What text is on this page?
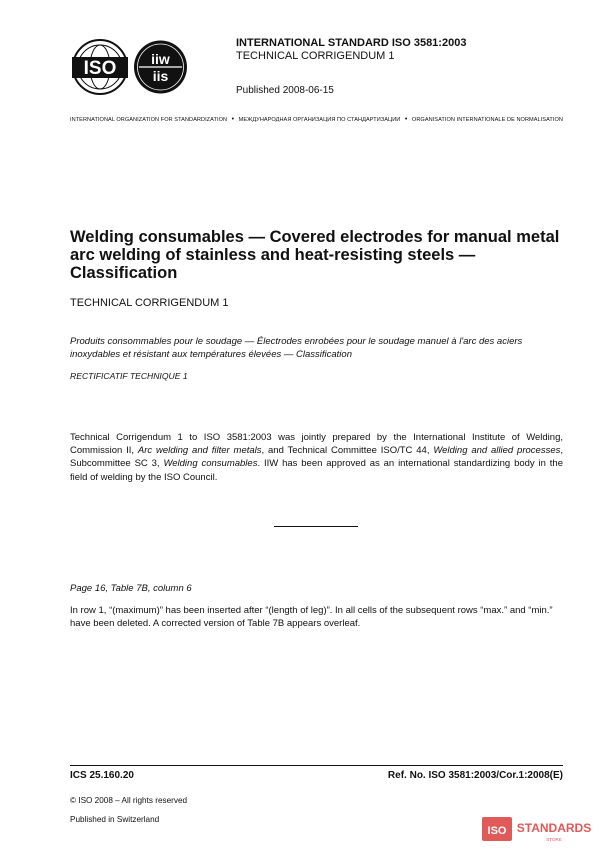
ISO iiw
iis
INTERNATIONAL STANDARD ISO 3581:2003
TECHNICAL CORRIGENDUM 1
Published 2008-06-15
INTERNATIONAL ORGANIZATION FOR STANDARDIZATION • МЕЖДУНАРОДНАЯ ОРГАНИЗАЦИЯ ПО СТАНДАРТИЗАЦИИ • ORGANISATION INTERNATIONALE DE NORMALISATION
Welding consumables — Covered electrodes for manual metal arc welding of stainless and heat-resisting steels — Classification
TECHNICAL CORRIGENDUM 1
Produits consommables pour le soudage — Électrodes enrobées pour le soudage manuel à l'arc des aciers inoxydables et résistant aux températures élevées — Classification
RECTIFICATIF TECHNIQUE 1
Technical Corrigendum 1 to ISO 3581:2003 was jointly prepared by the International Institute of Welding, Commission II, Arc welding and filter metals, and Technical Committee ISO/TC 44, Welding and allied processes, Subcommittee SC 3, Welding consumables. IIW has been approved as an international standardizing body in the field of welding by the ISO Council.
Page 16, Table 7B, column 6
In row 1, “(maximum)” has been inserted after “(length of leg)”. In all cells of the subsequent rows “max.” and “min.” have been deleted. A corrected version of Table 7B appears overleaf.
ICS 25.160.20	Ref. No. ISO 3581:2003/Cor.1:2008(E)
© ISO 2008 – All rights reserved
Published in Switzerland
ISO STANDARDS
STORE
